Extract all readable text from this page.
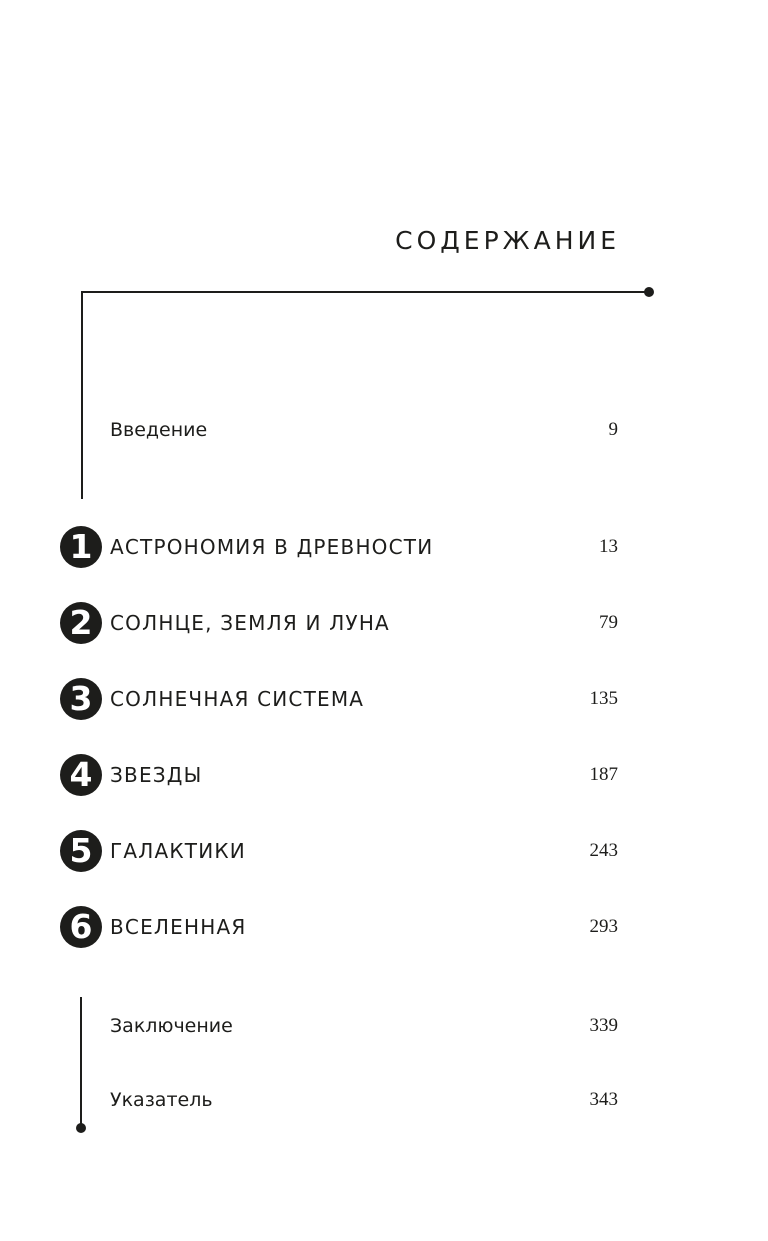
СОДЕРЖАНИЕ
Введение	9
1 АСТРОНОМИЯ В ДРЕВНОСТИ	13
2 СОЛНЦЕ, ЗЕМЛЯ И ЛУНА	79
3 СОЛНЕЧНАЯ СИСТЕМА	135
4 ЗВЕЗДЫ	187
5 ГАЛАКТИКИ	243
6 ВСЕЛЕННАЯ	293
Заключение	339
Указатель	343
